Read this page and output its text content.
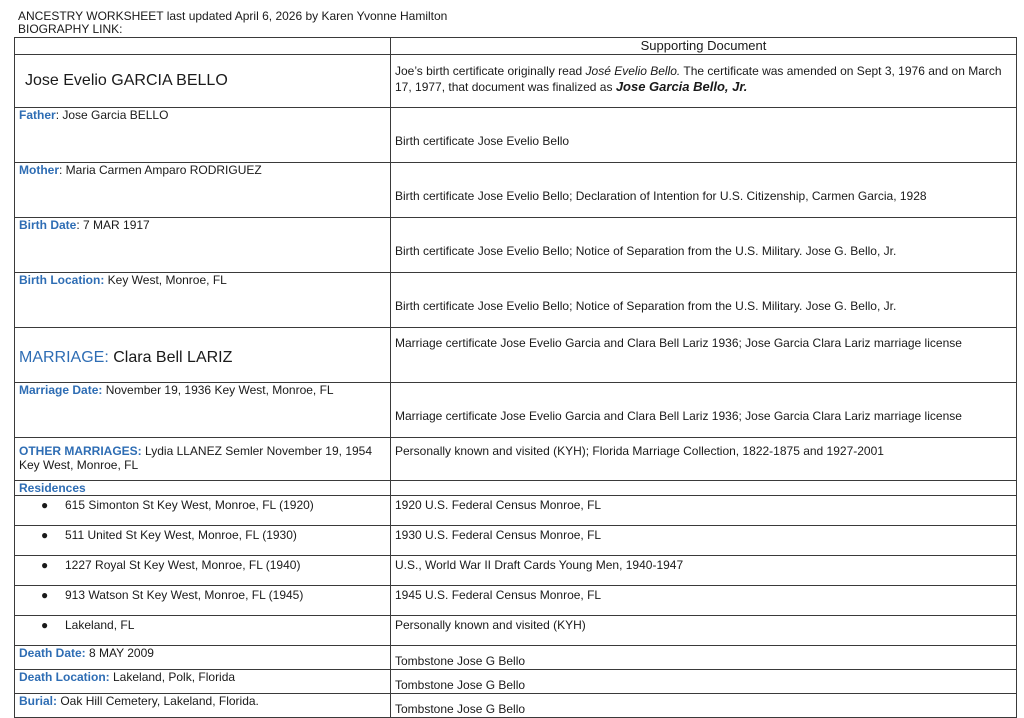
ANCESTRY WORKSHEET last updated April 6, 2026 by Karen Yvonne Hamilton
BIOGRAPHY LINK:
	Supporting Document
Jose Evelio GARCIA BELLO	Joe’s birth certificate originally read José Evelio Bello. The certificate was amended on Sept 3, 1976 and on March 17, 1977, that document was finalized as Jose Garcia Bello, Jr.
Father: Jose Garcia BELLO	Birth certificate Jose Evelio Bello
Mother: Maria Carmen Amparo RODRIGUEZ	Birth certificate Jose Evelio Bello; Declaration of Intention for U.S. Citizenship, Carmen Garcia, 1928
Birth Date: 7 MAR 1917	Birth certificate Jose Evelio Bello; Notice of Separation from the U.S. Military. Jose G. Bello, Jr.
Birth Location: Key West, Monroe, FL	Birth certificate Jose Evelio Bello; Notice of Separation from the U.S. Military. Jose G. Bello, Jr.
MARRIAGE: Clara Bell LARIZ	Marriage certificate Jose Evelio Garcia and Clara Bell Lariz 1936; Jose Garcia Clara Lariz marriage license
Marriage Date: November 19, 1936 Key West, Monroe, FL	Marriage certificate Jose Evelio Garcia and Clara Bell Lariz 1936; Jose Garcia Clara Lariz marriage license
OTHER MARRIAGES: Lydia LLANEZ Semler November 19, 1954 Key West, Monroe, FL	Personally known and visited (KYH); Florida Marriage Collection, 1822-1875 and 1927-2001
Residences	
● 615 Simonton St Key West, Monroe, FL (1920)	1920 U.S. Federal Census Monroe, FL
● 511 United St Key West, Monroe, FL (1930)	1930 U.S. Federal Census Monroe, FL
● 1227 Royal St Key West, Monroe, FL (1940)	U.S., World War II Draft Cards Young Men, 1940-1947
● 913 Watson St Key West, Monroe, FL (1945)	1945 U.S. Federal Census Monroe, FL
● Lakeland, FL	Personally known and visited (KYH)
Death Date: 8 MAY 2009	Tombstone Jose G Bello
Death Location: Lakeland, Polk, Florida	Tombstone Jose G Bello
Burial: Oak Hill Cemetery, Lakeland, Florida.	Tombstone Jose G Bello
